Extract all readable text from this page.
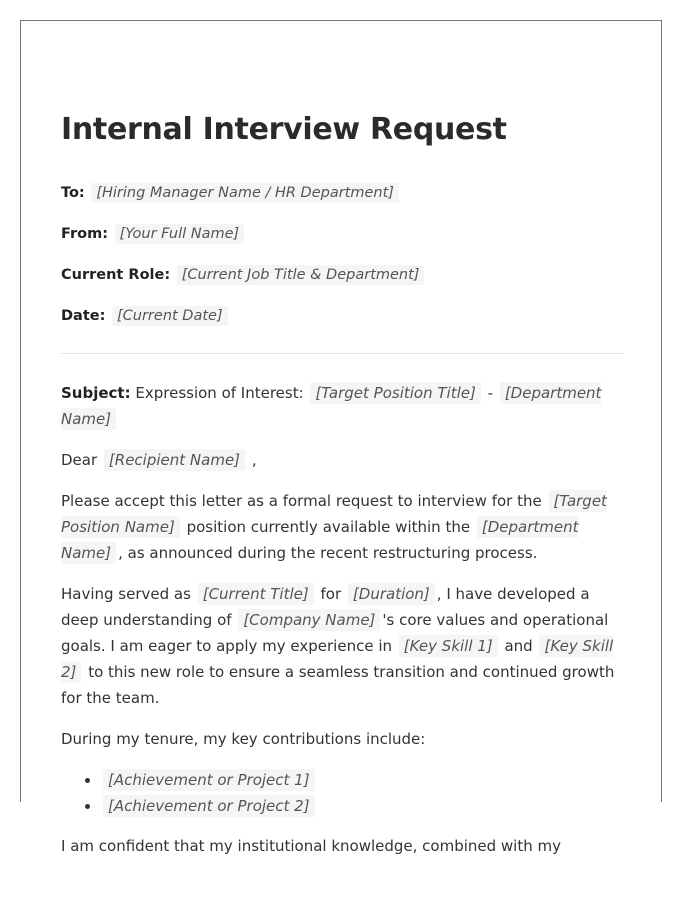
Internal Interview Request
To: [Hiring Manager Name / HR Department]
From: [Your Full Name]
Current Role: [Current Job Title & Department]
Date: [Current Date]

Subject: Expression of Interest: [Target Position Title] - [Department Name]

Dear [Recipient Name] ,

Please accept this letter as a formal request to interview for the [Target Position Name] position currently available within the [Department Name] , as announced during the recent restructuring process.

Having served as [Current Title] for [Duration] , I have developed a deep understanding of [Company Name] 's core values and operational goals. I am eager to apply my experience in [Key Skill 1] and [Key Skill 2] to this new role to ensure a seamless transition and continued growth for the team.

During my tenure, my key contributions include:

• [Achievement or Project 1]
• [Achievement or Project 2]

I am confident that my institutional knowledge, combined with my
